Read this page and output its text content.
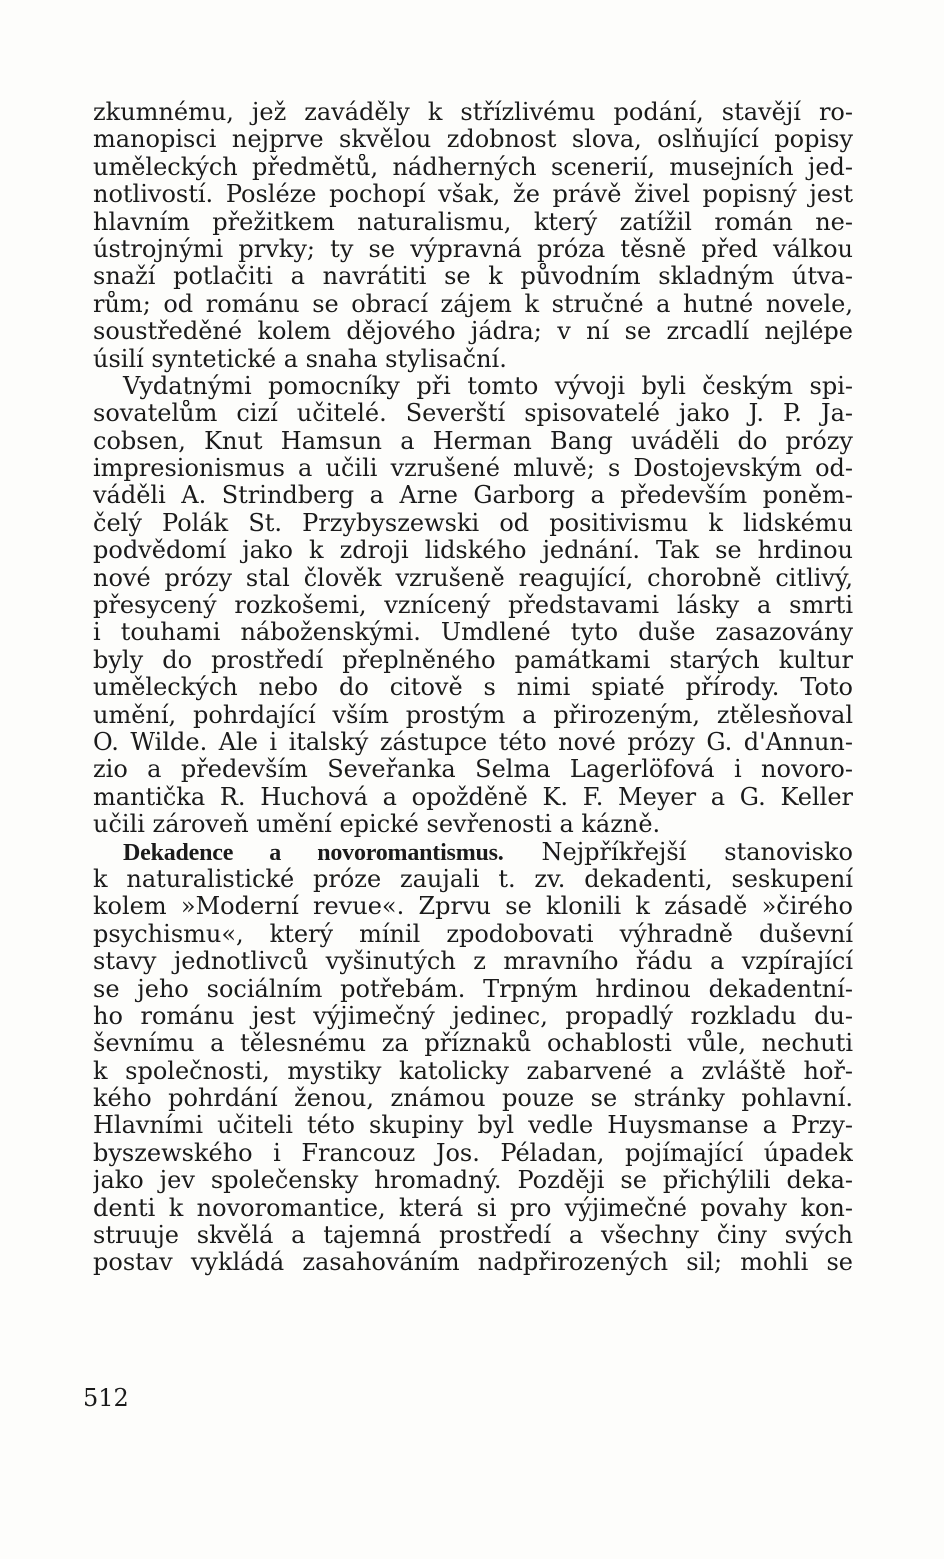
zkumnému, jež zaváděly k střízlivému podání, stavějí ro-
manopisci nejprve skvělou zdobnost slova, oslňující popisy
uměleckých předmětů, nádherných scenerií, musejních jed-
notlivostí. Posléze pochopí však, že právě živel popisný jest
hlavním přežitkem naturalismu, který zatížil román ne-
ústrojnými prvky; ty se výpravná próza těsně před válkou
snaží potlačiti a navrátiti se k původním skladným útva-
rům; od románu se obrací zájem k stručné a hutné novele,
soustředěné kolem dějového jádra; v ní se zrcadlí nejlépe
úsilí syntetické a snaha stylisační.
Vydatnými pomocníky při tomto vývoji byli českým spi-
sovatelům cizí učitelé. Severští spisovatelé jako J. P. Ja-
cobsen, Knut Hamsun a Herman Bang uváděli do prózy
impresionismus a učili vzrušené mluvě; s Dostojevským od-
váděli A. Strindberg a Arne Garborg a především poněm-
čelý Polák St. Przybyszewski od positivismu k lidskému
podvědomí jako k zdroji lidského jednání. Tak se hrdinou
nové prózy stal člověk vzrušeně reagující, chorobně citlivý,
přesycený rozkošemi, vznícený představami lásky a smrti
i touhami náboženskými. Umdlené tyto duše zasazovány
byly do prostředí přeplněného památkami starých kultur
uměleckých nebo do citově s nimi spiaté přírody. Toto
umění, pohrdající vším prostým a přirozeným, ztělesňoval
O. Wilde. Ale i italský zástupce této nové prózy G. d'Annun-
zio a především Seveřanka Selma Lagerlöfová i novoro-
mantička R. Huchová a opožděně K. F. Meyer a G. Keller
učili zároveň umění epické sevřenosti a kázně.
Dekadence a novoromantismus. Nejpříkřejší stanovisko
k naturalistické próze zaujali t. zv. dekadenti, seskupení
kolem »Moderní revue«. Zprvu se klonili k zásadě »čirého
psychismu«, který mínil zpodobovati výhradně duševní
stavy jednotlivců vyšinutých z mravního řádu a vzpírající
se jeho sociálním potřebám. Trpným hrdinou dekadentní-
ho románu jest výjimečný jedinec, propadlý rozkladu du-
ševnímu a tělesnému za příznaků ochablosti vůle, nechuti
k společnosti, mystiky katolicky zabarvené a zvláště hoř-
kého pohrdání ženou, známou pouze se stránky pohlavní.
Hlavními učiteli této skupiny byl vedle Huysmanse a Przy-
byszewského i Francouz Jos. Péladan, pojímající úpadek
jako jev společensky hromadný. Později se přichýlili deka-
denti k novoromantice, která si pro výjimečné povahy kon-
struuje skvělá a tajemná prostředí a všechny činy svých
postav vykládá zasahováním nadpřirozených sil; mohli se
512
